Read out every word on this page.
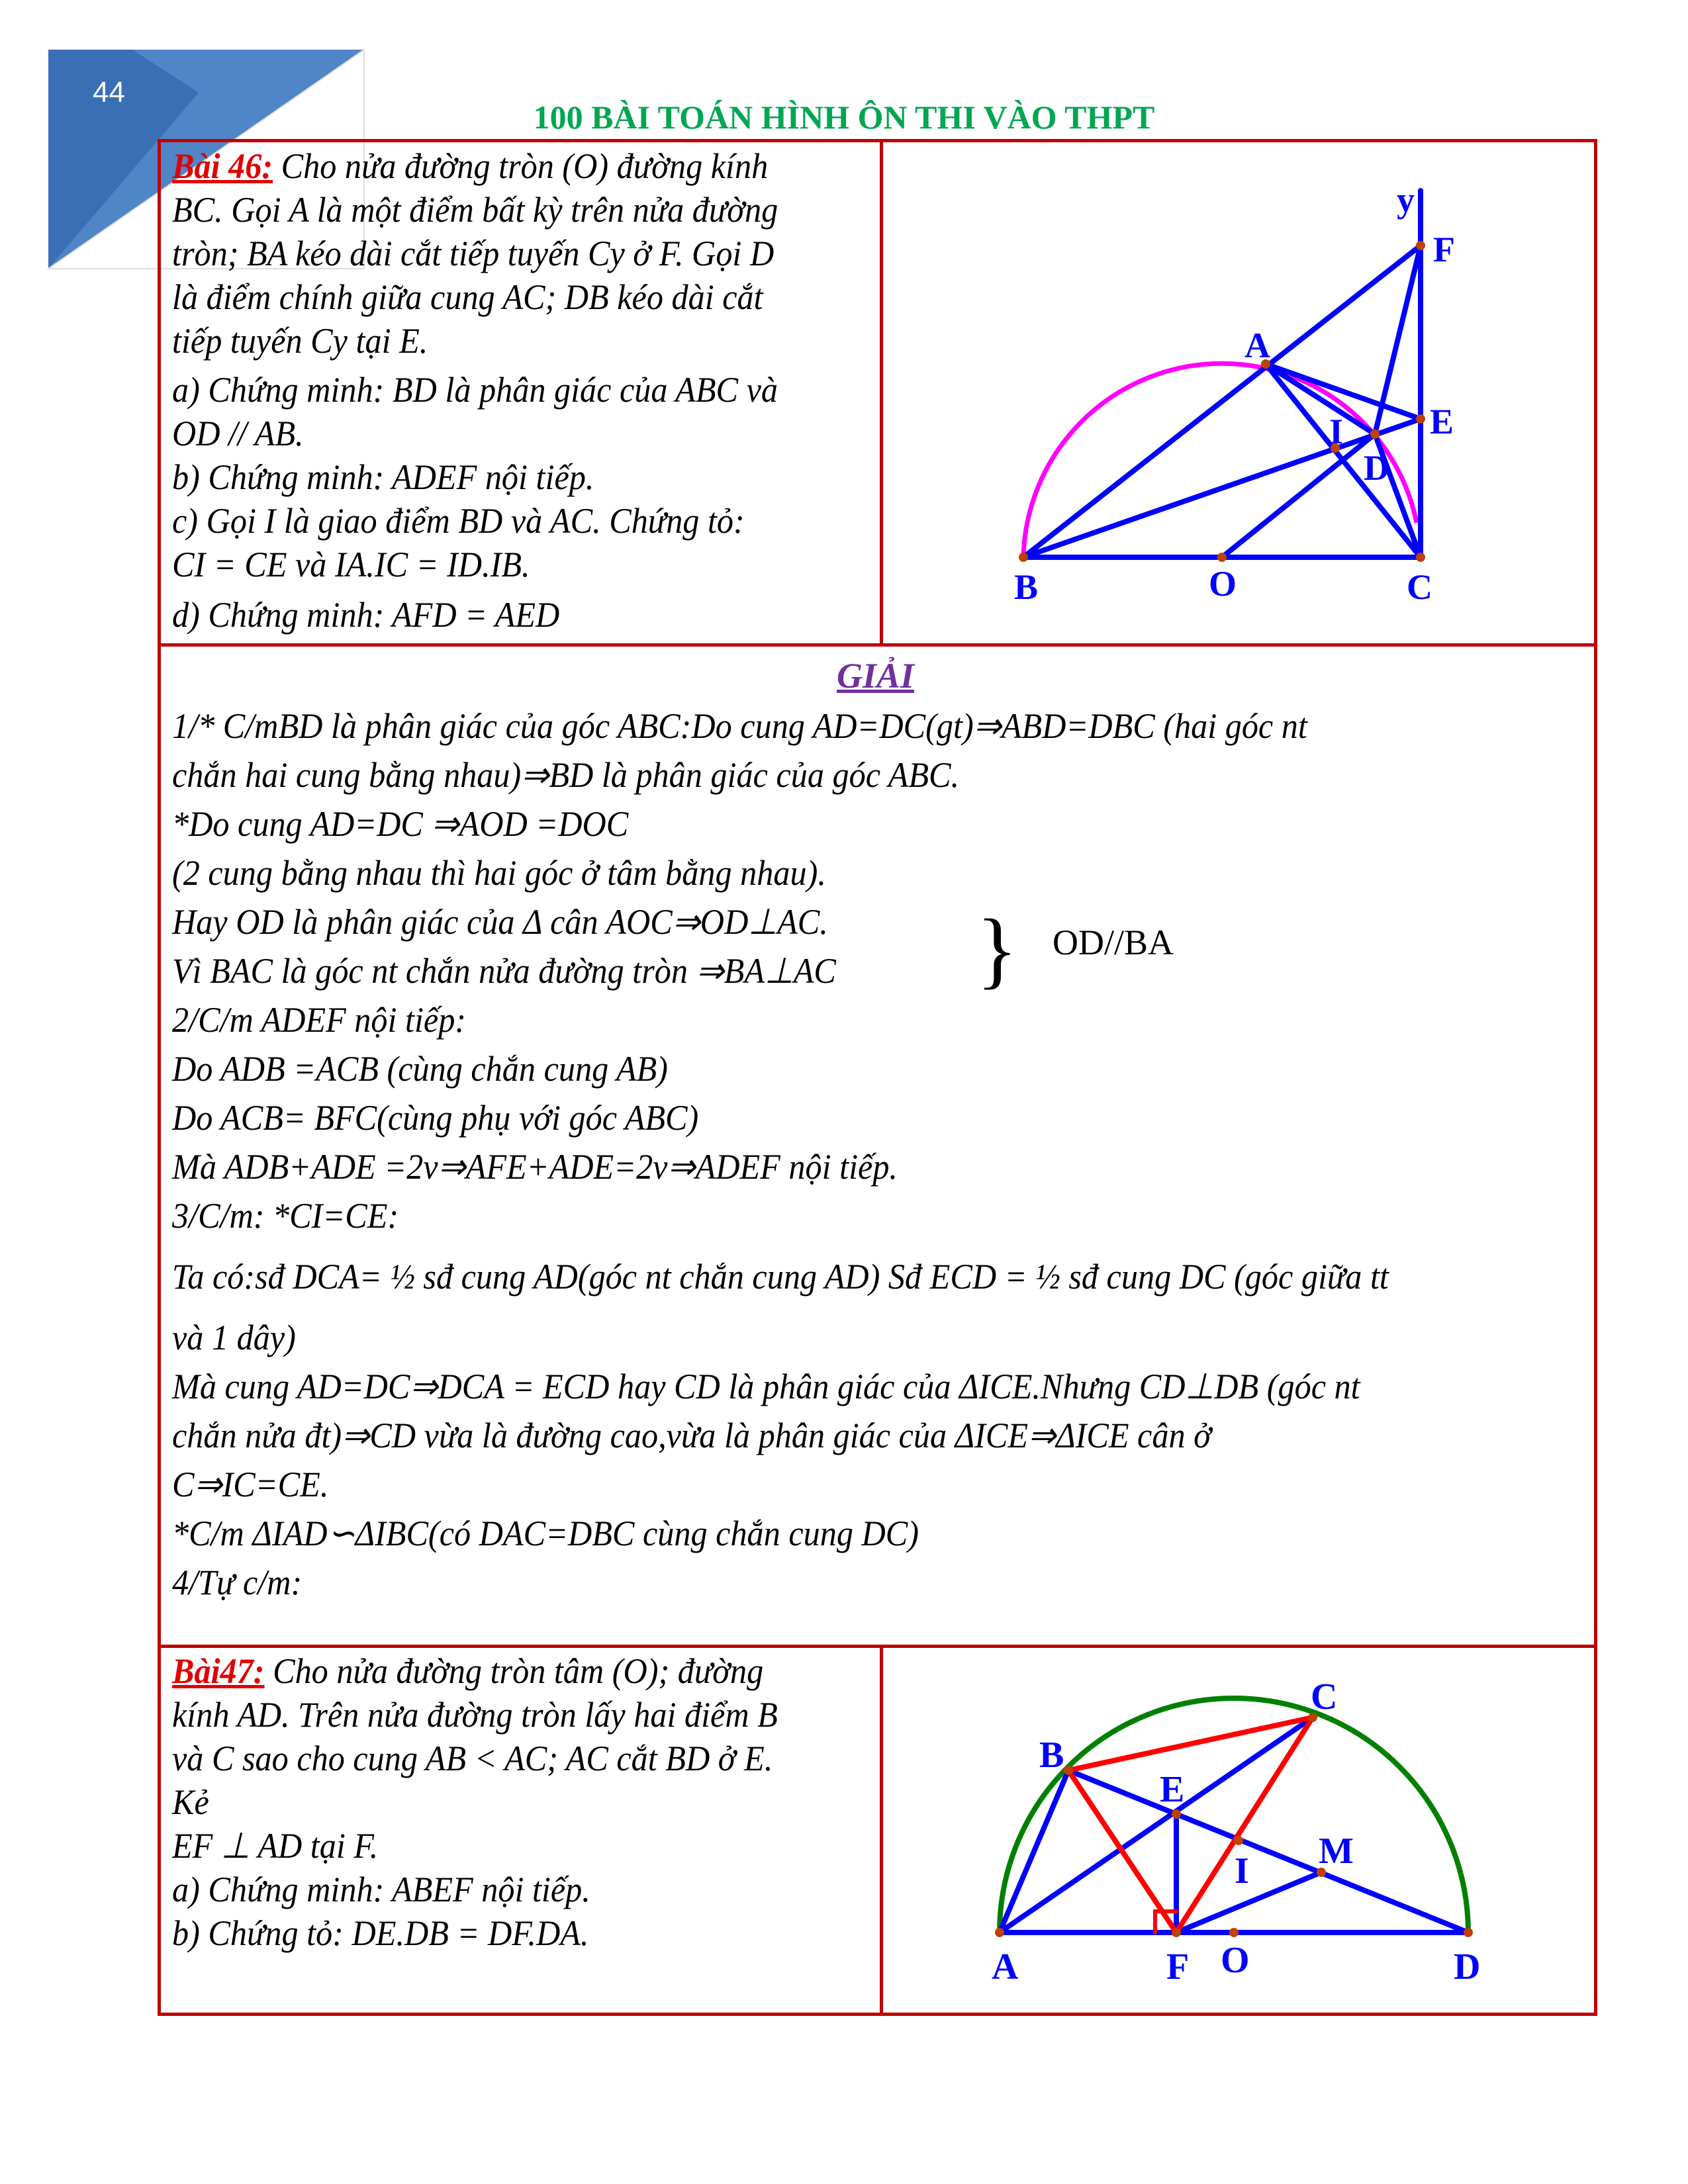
44
100 BÀI TOÁN HÌNH ÔN THI VÀO THPT
Bài 46: Cho nửa đường tròn (O) đường kính
BC. Gọi A là một điểm bất kỳ trên nửa đường
tròn; BA kéo dài cắt tiếp tuyến Cy ở F. Gọi D
là điểm chính giữa cung AC; DB kéo dài cắt
tiếp tuyến Cy tại E.
a) Chứng minh: BD là phân giác của ABC và
OD // AB.
b) Chứng minh: ADEF nội tiếp.
c) Gọi I là giao điểm BD và AC. Chứng tỏ:
CI = CE và IA.IC = ID.IB.
d) Chứng minh: AFD = AED
y
F
A
E
I
D
B	O	C
A
B
C
D
E
F
I M
O
GIẢI
1/* C/mBD là phân giác của góc ABC:Do cung AD=DC(gt)⇒ABD=DBC (hai góc nt
chắn hai cung bằng nhau)⇒BD là phân giác của góc ABC.
*Do cung AD=DC ⇒AOD =DOC
(2 cung bằng nhau thì hai góc ở tâm bằng nhau).
Hay OD là phân giác của Δ cân AOC⇒OD⊥AC.
Vì BAC là góc nt chắn nửa đường tròn ⇒BA⊥AC
2/C/m ADEF nội tiếp:
Do ADB =ACB (cùng chắn cung AB)
Do ACB= BFC(cùng phụ với góc ABC)
Mà ADB+ADE =2v⇒AFE+ADE=2v⇒ADEF nội tiếp.
3/C/m: *CI=CE:
Ta có:sđ DCA= ½ sđ cung AD(góc nt chắn cung AD) Sđ ECD = ½ sđ cung DC (góc giữa tt
và 1 dây)
Mà cung AD=DC⇒DCA = ECD hay CD là phân giác của ΔICE.Nhưng CD⊥DB (góc nt
chắn nửa đt)⇒CD vừa là đường cao,vừa là phân giác của ΔICE⇒ΔICE cân ở
C⇒IC=CE.
*C/m ΔIAD∽ΔIBC(có DAC=DBC cùng chắn cung DC)
4/Tự c/m:
} OD//BA
Bài47: Cho nửa đường tròn tâm (O); đường
kính AD. Trên nửa đường tròn lấy hai điểm B
và C sao cho cung AB < AC; AC cắt BD ở E.
Kẻ
EF ⊥ AD tại F.
a) Chứng minh: ABEF nội tiếp.
b) Chứng tỏ: DE.DB = DF.DA.
